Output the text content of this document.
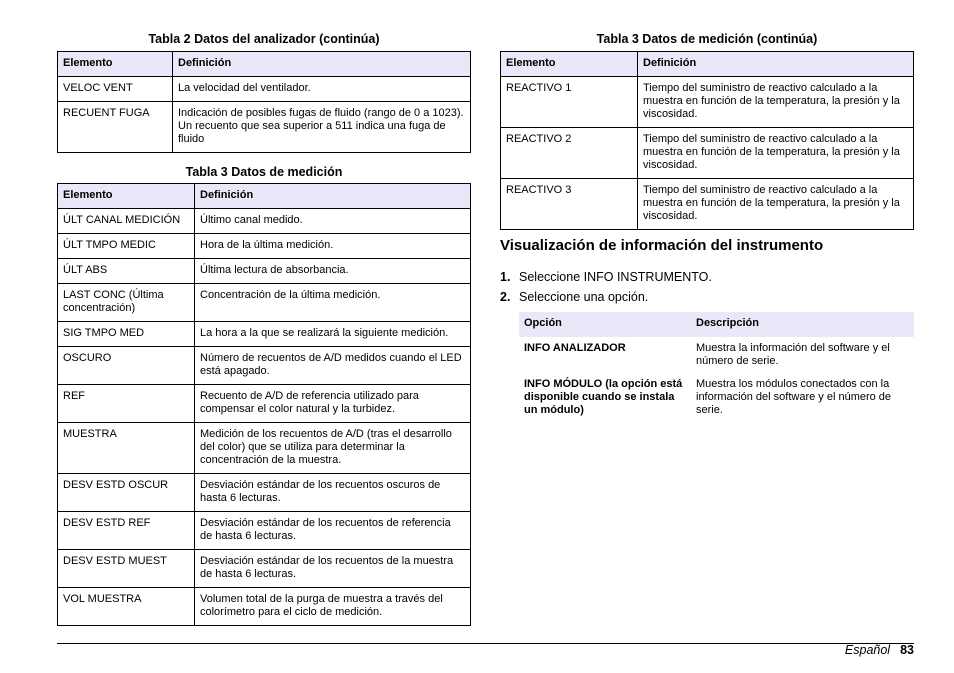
Tabla 2 Datos del analizador (continúa)
Elemento	Definición
VELOC VENT	La velocidad del ventilador.
RECUENT FUGA	Indicación de posibles fugas de fluido (rango de 0 a 1023). Un recuento que sea superior a 511 indica una fuga de fluido
Tabla 3 Datos de medición
Elemento	Definición
ÚLT CANAL MEDICIÓN	Último canal medido.
ÚLT TMPO MEDIC	Hora de la última medición.
ÚLT ABS	Última lectura de absorbancia.
LAST CONC (Última concentración)	Concentración de la última medición.
SIG TMPO MED	La hora a la que se realizará la siguiente medición.
OSCURO	Número de recuentos de A/D medidos cuando el LED está apagado.
REF	Recuento de A/D de referencia utilizado para compensar el color natural y la turbidez.
MUESTRA	Medición de los recuentos de A/D (tras el desarrollo del color) que se utiliza para determinar la concentración de la muestra.
DESV ESTD OSCUR	Desviación estándar de los recuentos oscuros de hasta 6 lecturas.
DESV ESTD REF	Desviación estándar de los recuentos de referencia de hasta 6 lecturas.
DESV ESTD MUEST	Desviación estándar de los recuentos de la muestra de hasta 6 lecturas.
VOL MUESTRA	Volumen total de la purga de muestra a través del colorímetro para el ciclo de medición.
Tabla 3 Datos de medición (continúa)
Elemento	Definición
REACTIVO 1	Tiempo del suministro de reactivo calculado a la muestra en función de la temperatura, la presión y la viscosidad.
REACTIVO 2	Tiempo del suministro de reactivo calculado a la muestra en función de la temperatura, la presión y la viscosidad.
REACTIVO 3	Tiempo del suministro de reactivo calculado a la muestra en función de la temperatura, la presión y la viscosidad.
Visualización de información del instrumento
1. Seleccione INFO INSTRUMENTO.
2. Seleccione una opción.
Opción	Descripción
INFO ANALIZADOR	Muestra la información del software y el número de serie.
INFO MÓDULO (la opción está disponible cuando se instala un módulo)	Muestra los módulos conectados con la información del software y el número de serie.
Español 83
